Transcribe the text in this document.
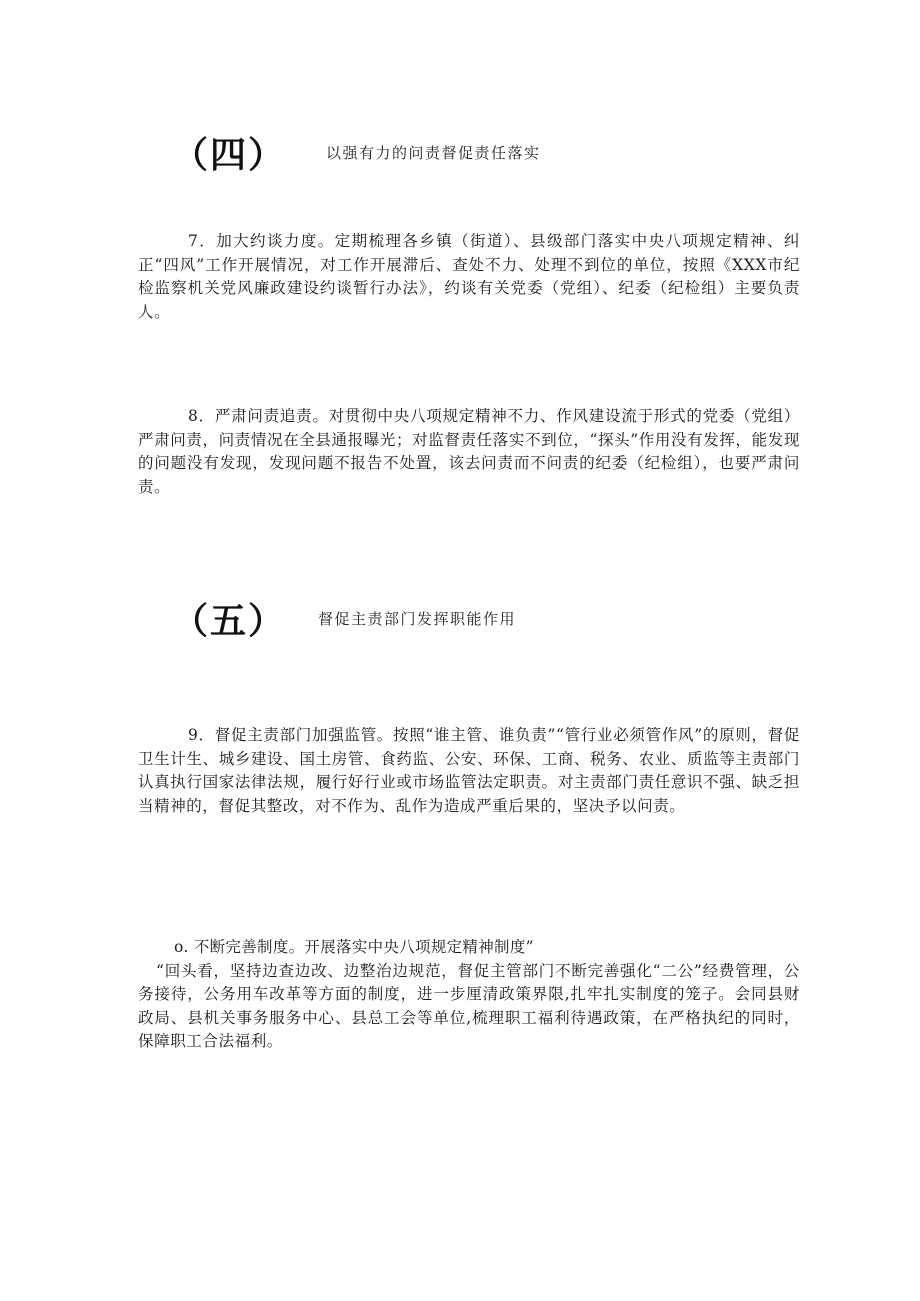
（四）	以强有力的问责督促责任落实

7．加大约谈力度。定期梳理各乡镇（街道）、县级部门落实中央八项规定精神、纠正“四风”工作开展情况，对工作开展滞后、查处不力、处理不到位的单位，按照《XXX市纪检监察机关党风廉政建设约谈暂行办法》，约谈有关党委（党组）、纪委（纪检组）主要负责人。

8．严肃问责追责。对贯彻中央八项规定精神不力、作风建设流于形式的党委（党组）严肃问责，问责情况在全县通报曝光；对监督责任落实不到位，“探头”作用没有发挥，能发现的问题没有发现，发现问题不报告不处置，该去问责而不问责的纪委（纪检组），也要严肃问责。

（五） 督促主责部门发挥职能作用

9．督促主责部门加强监管。按照“谁主管、谁负责”“管行业必须管作风”的原则，督促卫生计生、城乡建设、国土房管、食药监、公安、环保、工商、税务、农业、质监等主责部门认真执行国家法律法规，履行好行业或市场监管法定职责。对主责部门责任意识不强、缺乏担当精神的，督促其整改，对不作为、乱作为造成严重后果的，坚决予以问责。

o. 不断完善制度。开展落实中央八项规定精神制度”
“回头看，坚持边查边改、边整治边规范，督促主管部门不断完善强化“二公”经费管理，公务接待，公务用车改革等方面的制度，进一步厘清政策界限,扎牢扎实制度的笼子。会同县财政局、县机关事务服务中心、县总工会等单位,梳理职工福利待遇政策，在严格执纪的同时，保障职工合法福利。
